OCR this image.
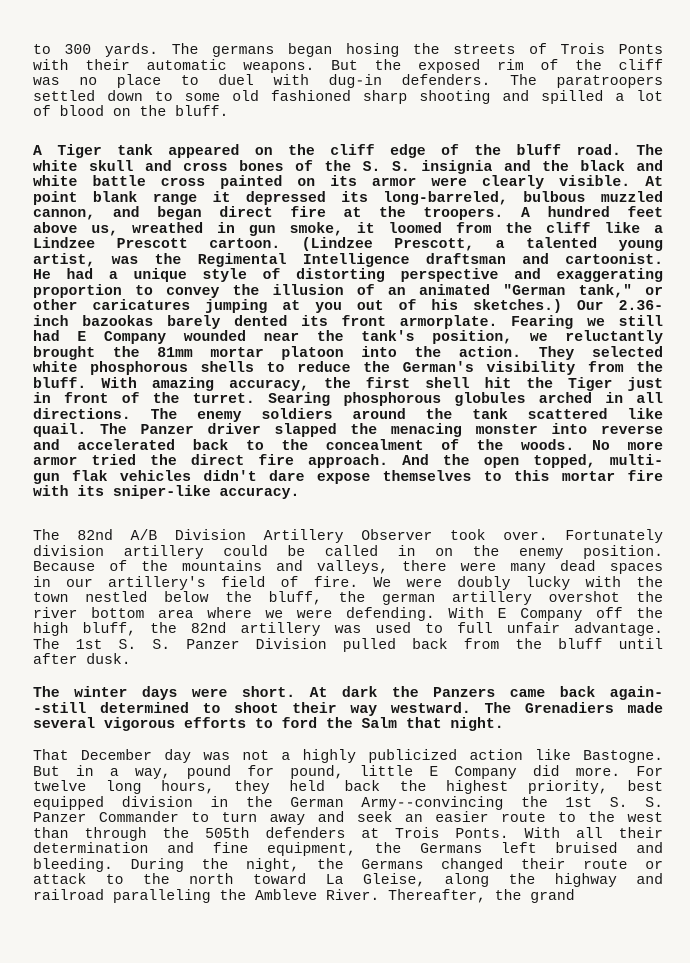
to 300 yards. The germans began hosing the streets of Trois Ponts
with their automatic weapons. But the exposed rim of the cliff
was no place to duel with dug-in defenders. The paratroopers
settled down to some old fashioned sharp shooting and spilled a lot
of blood on the bluff.
A Tiger tank appeared on the cliff edge of the bluff road. The
white skull and cross bones of the S. S. insignia and the black and
white battle cross painted on its armor were clearly visible. At
point blank range it depressed its long-barreled, bulbous muzzled
cannon, and began direct fire at the troopers. A hundred feet
above us, wreathed in gun smoke, it loomed from the cliff like a
Lindzee Prescott cartoon. (Lindzee Prescott, a talented young
artist, was the Regimental Intelligence draftsman and cartoonist.
He had a unique style of distorting perspective and exaggerating
proportion to convey the illusion of an animated "German tank," or
other caricatures jumping at you out of his sketches.) Our 2.36-
inch bazookas barely dented its front armorplate. Fearing we still
had E Company wounded near the tank's position, we reluctantly
brought the 81mm mortar platoon into the action. They selected
white phosphorous shells to reduce the German's visibility from the
bluff. With amazing accuracy, the first shell hit the Tiger just
in front of the turret. Searing phosphorous globules arched in all
directions. The enemy soldiers around the tank scattered like
quail. The Panzer driver slapped the menacing monster into reverse
and accelerated back to the concealment of the woods. No more
armor tried the direct fire approach. And the open topped, multi-
gun flak vehicles didn't dare expose themselves to this mortar fire
with its sniper-like accuracy.
The 82nd A/B Division Artillery Observer took over. Fortunately
division artillery could be called in on the enemy position.
Because of the mountains and valleys, there were many dead spaces
in our artillery's field of fire. We were doubly lucky with the
town nestled below the bluff, the german artillery overshot the
river bottom area where we were defending. With E Company off the
high bluff, the 82nd artillery was used to full unfair advantage.
The 1st S. S. Panzer Division pulled back from the bluff until
after dusk.
The winter days were short. At dark the Panzers came back again-
-still determined to shoot their way westward. The Grenadiers made
several vigorous efforts to ford the Salm that night.
That December day was not a highly publicized action like Bastogne.
But in a way, pound for pound, little E Company did more. For
twelve long hours, they held back the highest priority, best
equipped division in the German Army--convincing the 1st S. S.
Panzer Commander to turn away and seek an easier route to the west
than through the 505th defenders at Trois Ponts. With all their
determination and fine equipment, the Germans left bruised and
bleeding. During the night, the Germans changed their route or
attack to the north toward La Gleise, along the highway and
railroad paralleling the Ambleve River. Thereafter, the grand
